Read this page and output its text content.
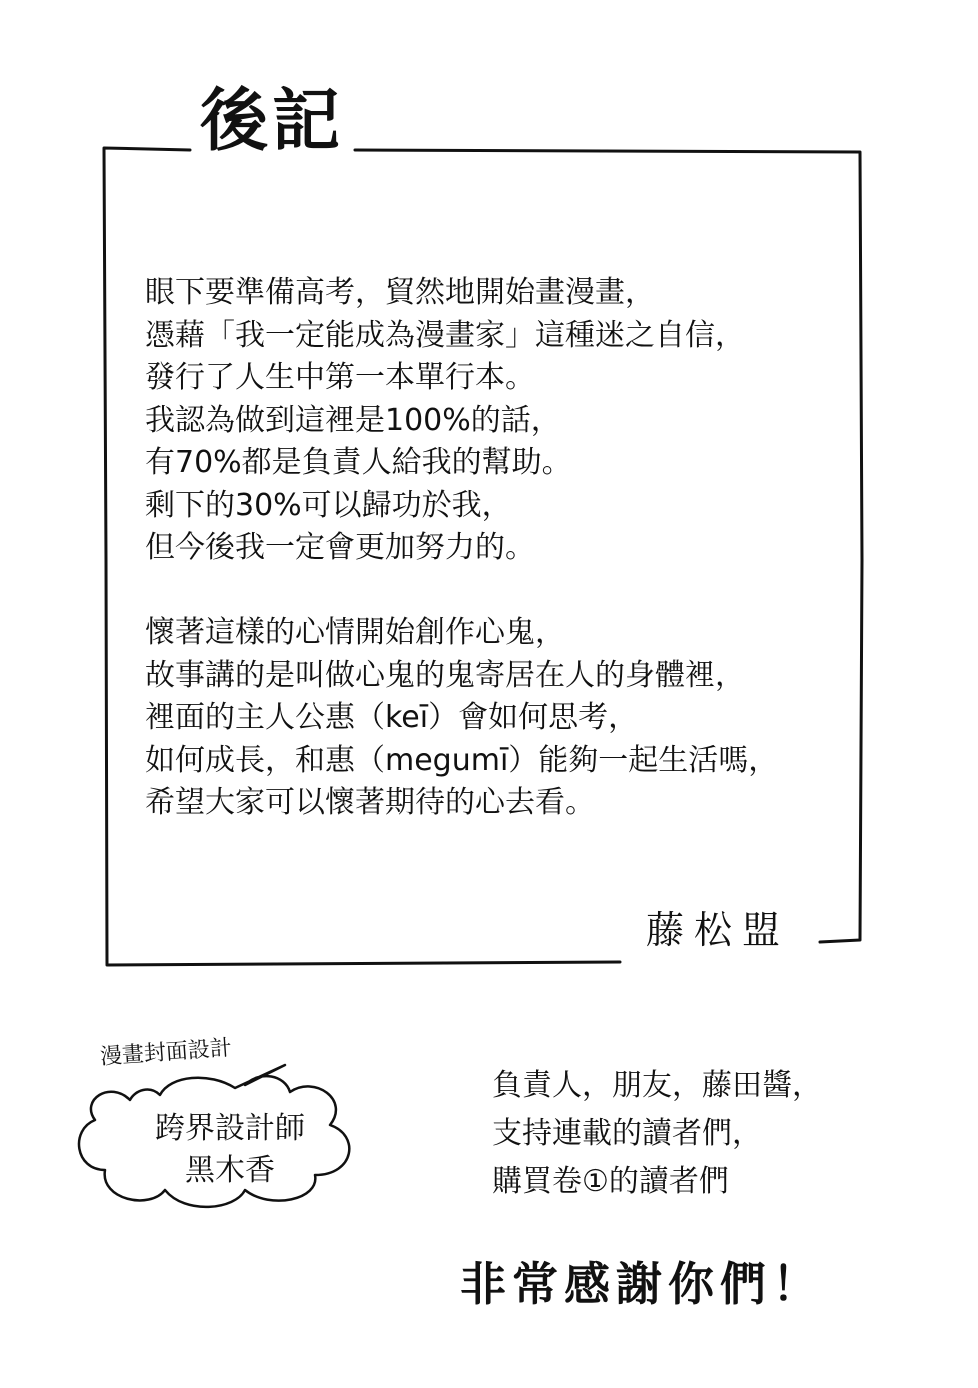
後記
眼下要準備高考，貿然地開始畫漫畫，
憑藉「我一定能成為漫畫家」這種迷之自信，
發行了人生中第一本單行本。
我認為做到這裡是100%的話，
有70%都是負責人給我的幫助。
剩下的30%可以歸功於我，
但今後我一定會更加努力的。
懷著這樣的心情開始創作心鬼，
故事講的是叫做心鬼的鬼寄居在人的身體裡，
裡面的主人公惠（keī）會如何思考，
如何成長，和惠（megumī）能夠一起生活嗎，
希望大家可以懷著期待的心去看。
藤松盟
漫畫封面設計
跨界設計師
黑木香
負責人，朋友，藤田醬，
支持連載的讀者們，
購買卷①的讀者們
非常感謝你們！
